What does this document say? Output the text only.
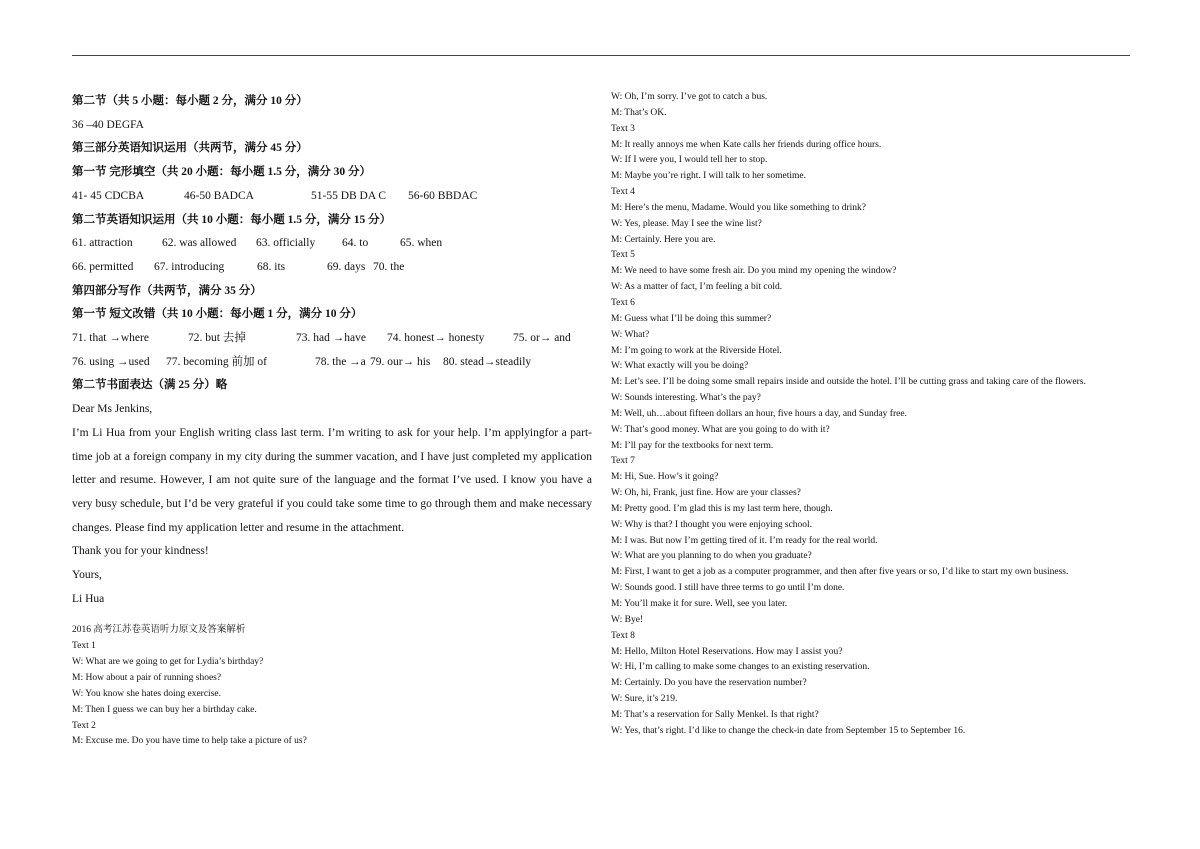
第二节（共 5 小题：每小题 2 分，满分 10 分）
36 –40 DEGFA
第三部分英语知识运用（共两节，满分 45 分）
第一节 完形填空（共 20 小题：每小题 1.5 分，满分 30 分）
41- 45 CDCBA	46-50 BADCA	51-55 DB DA C 56-60 BBDAC
第二节英语知识运用（共 10 小题：每小题 1.5 分，满分 15 分）
61. attraction	62. was allowed 63. officially 64. to	65. when
66. permitted 67. introducing	68. its	69. days 70. the
第四部分写作（共两节，满分 35 分）
第一节 短文改错（共 10 小题：每小题 1 分，满分 10 分）
71. that →where	72. but 去掉	73. had →have 74. honest→ honesty 75. or→ and
76. using →used 77. becoming 前加 of	78. the →a 79. our→ his 80. stead→steadily
第二节书面表达（满 25 分）略
Dear Ms Jenkins,
I’m Li Hua from your English writing class last term. I’m writing to ask for your help. I’m applyingfor a part-time job at a foreign company in my city during the summer vacation, and I have just completed my application letter and resume. However, I am not quite sure of the language and the format I’ve used. I know you have a very busy schedule, but I’d be very grateful if you could take some time to go through them and make necessary changes. Please find my application letter and resume in the attachment.
Thank you for your kindness!
Yours,
Li Hua
2016 高考江苏卷英语听力原文及答案解析
Text 1
W: What are we going to get for Lydia’s birthday?
M: How about a pair of running shoes?
W: You know she hates doing exercise.
M: Then I guess we can buy her a birthday cake.
Text 2
M: Excuse me. Do you have time to help take a picture of us?
W: Oh, I’m sorry. I’ve got to catch a bus.
M: That’s OK.
Text 3
M: It really annoys me when Kate calls her friends during office hours.
W: If I were you, I would tell her to stop.
M: Maybe you’re right. I will talk to her sometime.
Text 4
M: Here’s the menu, Madame. Would you like something to drink?
W: Yes, please. May I see the wine list?
M: Certainly. Here you are.
Text 5
M: We need to have some fresh air. Do you mind my opening the window?
W: As a matter of fact, I’m feeling a bit cold.
Text 6
M: Guess what I’ll be doing this summer?
W: What?
M: I’m going to work at the Riverside Hotel.
W: What exactly will you be doing?
M: Let’s see. I’ll be doing some small repairs inside and outside the hotel. I’ll be cutting grass and taking care of the flowers.
W: Sounds interesting. What’s the pay?
M: Well, uh…about fifteen dollars an hour, five hours a day, and Sunday free.
W: That’s good money. What are you going to do with it?
M: I’ll pay for the textbooks for next term.
Text 7
M: Hi, Sue. How’s it going?
W: Oh, hi, Frank, just fine. How are your classes?
M: Pretty good. I’m glad this is my last term here, though.
W: Why is that? I thought you were enjoying school.
M: I was. But now I’m getting tired of it. I’m ready for the real world.
W: What are you planning to do when you graduate?
M: First, I want to get a job as a computer programmer, and then after five years or so, I’d like to start my own business.
W: Sounds good. I still have three terms to go until I’m done.
M: You’ll make it for sure. Well, see you later.
W: Bye!
Text 8
M: Hello, Milton Hotel Reservations. How may I assist you?
W: Hi, I’m calling to make some changes to an existing reservation.
M: Certainly. Do you have the reservation number?
W: Sure, it’s 219.
M: That’s a reservation for Sally Menkel. Is that right?
W: Yes, that’s right. I’d like to change the check-in date from September 15 to September 16.
